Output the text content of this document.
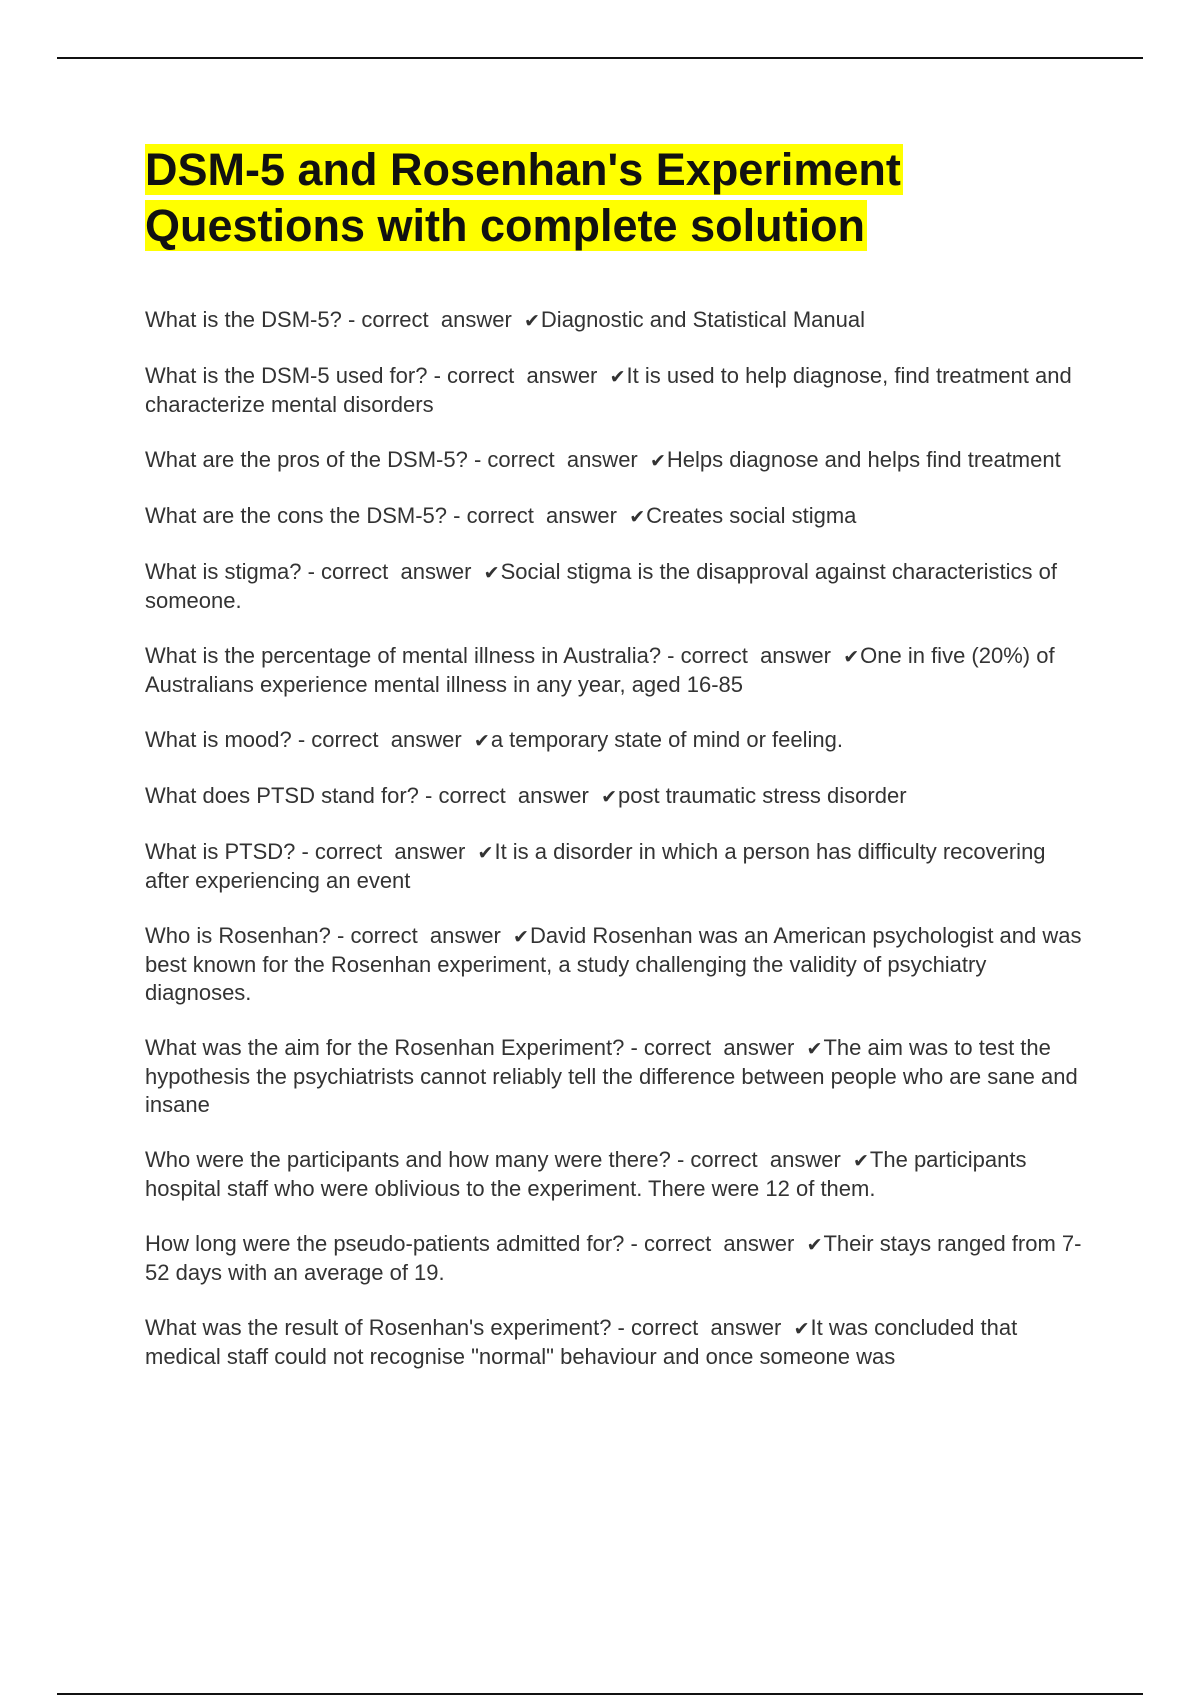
DSM-5 and Rosenhan's Experiment
Questions with complete solution
What is the DSM-5? - correct  answer  ✔Diagnostic and Statistical Manual
What is the DSM-5 used for? - correct  answer  ✔It is used to help diagnose, find treatment and characterize mental disorders
What are the pros of the DSM-5? - correct  answer  ✔Helps diagnose and helps find treatment
What are the cons the DSM-5? - correct  answer  ✔Creates social stigma
What is stigma? - correct  answer  ✔Social stigma is the disapproval against characteristics of someone.
What is the percentage of mental illness in Australia? - correct  answer  ✔One in five (20%) of Australians experience mental illness in any year, aged 16-85
What is mood? - correct  answer  ✔a temporary state of mind or feeling.
What does PTSD stand for? - correct  answer  ✔post traumatic stress disorder
What is PTSD? - correct  answer  ✔It is a disorder in which a person has difficulty recovering after experiencing an event
Who is Rosenhan? - correct  answer  ✔David Rosenhan was an American psychologist and was best known for the Rosenhan experiment, a study challenging the validity of psychiatry diagnoses.
What was the aim for the Rosenhan Experiment? - correct  answer  ✔The aim was to test the hypothesis the psychiatrists cannot reliably tell the difference between people who are sane and insane
Who were the participants and how many were there? - correct  answer  ✔The participants hospital staff who were oblivious to the experiment. There were 12 of them.
How long were the pseudo-patients admitted for? - correct  answer  ✔Their stays ranged from 7-52 days with an average of 19.
What was the result of Rosenhan's experiment? - correct  answer  ✔It was concluded that medical staff could not recognise "normal" behaviour and once someone was
